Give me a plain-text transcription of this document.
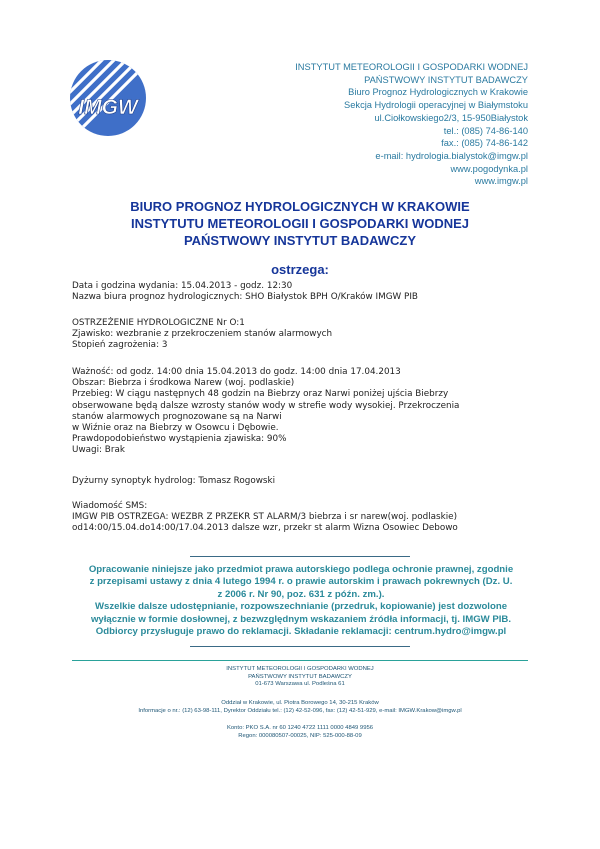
IMGW
INSTYTUT METEOROLOGII I GOSPODARKI WODNEJ
PAŃSTWOWY INSTYTUT BADAWCZY
Biuro Prognoz Hydrologicznych w Krakowie
Sekcja Hydrologii operacyjnej w Białymstoku
ul.Ciołkowskiego2/3, 15-950Białystok
tel.: (085) 74-86-140
fax.: (085) 74-86-142
e-mail: hydrologia.bialystok@imgw.pl
www.pogodynka.pl
www.imgw.pl
BIURO PROGNOZ HYDROLOGICZNYCH W KRAKOWIE
INSTYTUTU METEOROLOGII I GOSPODARKI WODNEJ
PAŃSTWOWY INSTYTUT BADAWCZY
ostrzega:
Data i godzina wydania: 15.04.2013 - godz. 12:30
Nazwa biura prognoz hydrologicznych: SHO Białystok BPH O/Kraków IMGW PIB
OSTRZEŻENIE HYDROLOGICZNE Nr O:1
Zjawisko: wezbranie z przekroczeniem stanów alarmowych
Stopień zagrożenia: 3
Ważność: od godz. 14:00 dnia 15.04.2013 do godz. 14:00 dnia 17.04.2013
Obszar: Biebrza i środkowa Narew (woj. podlaskie)
Przebieg: W ciągu następnych 48 godzin na Biebrzy oraz Narwi poniżej ujścia Biebrzy
obserwowane będą dalsze wzrosty stanów wody w strefie wody wysokiej. Przekroczenia
stanów alarmowych prognozowane są na Narwi
w Wiźnie oraz na Biebrzy w Osowcu i Dębowie.
Prawdopodobieństwo wystąpienia zjawiska: 90%
Uwagi: Brak
Dyżurny synoptyk hydrolog: Tomasz Rogowski
Wiadomość SMS:
IMGW PIB OSTRZEGA: WEZBR Z PRZEKR ST ALARM/3 biebrza i sr narew(woj. podlaskie)
od14:00/15.04.do14:00/17.04.2013 dalsze wzr, przekr st alarm Wizna Osowiec Debowo
Opracowanie niniejsze jako przedmiot prawa autorskiego podlega ochronie prawnej, zgodnie
z przepisami ustawy z dnia 4 lutego 1994 r. o prawie autorskim i prawach pokrewnych (Dz. U.
z 2006 r. Nr 90, poz. 631 z późn. zm.).
Wszelkie dalsze udostępnianie, rozpowszechnianie (przedruk, kopiowanie) jest dozwolone
wyłącznie w formie dosłownej, z bezwzględnym wskazaniem źródła informacji, tj. IMGW PIB.
Odbiorcy przysługuje prawo do reklamacji. Składanie reklamacji: centrum.hydro@imgw.pl
INSTYTUT METEOROLOGII I GOSPODARKI WODNEJ
PAŃSTWOWY INSTYTUT BADAWCZY
01-673 Warszawa ul. Podleśna 61
Oddział w Krakowie, ul. Piotra Borowego 14, 30-215 Kraków
Informacje o nr.: (12) 63-98-111, Dyrektor Oddziału tel.: (12) 42-52-096, fax: (12) 42-51-929, e-mail: IMGW.Krakow@imgw.pl
Konto: PKO S.A. nr 60 1240 4722 1111 0000 4849 9956
Regon: 000080507-00025, NIP: 525-000-88-09
